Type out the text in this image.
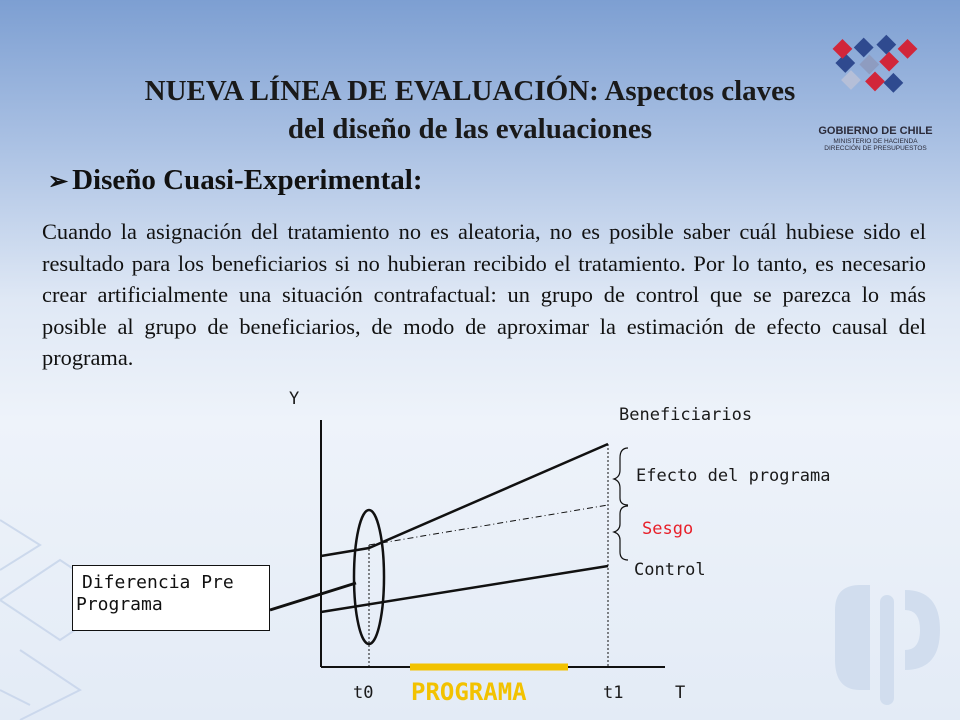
GOBIERNO DE CHILE
MINISTERIO DE HACIENDA
DIRECCIÓN DE PRESUPUESTOS
NUEVA LÍNEA DE EVALUACIÓN: Aspectos claves
del diseño de las evaluaciones
➢ Diseño Cuasi-Experimental:
Cuando la asignación del tratamiento no es aleatoria, no es posible saber cuál hubiese sido el resultado para los beneficiarios si no hubieran recibido el tratamiento. Por lo tanto, es necesario crear artificialmente una situación contrafactual: un grupo de control que se parezca lo más posible al grupo de beneficiarios, de modo de aproximar la estimación de efecto causal del programa.
Y
T
t0	t1
PROGRAMA
Beneficiarios
Efecto del programa
Sesgo
Control
Diferencia Pre
Programa
